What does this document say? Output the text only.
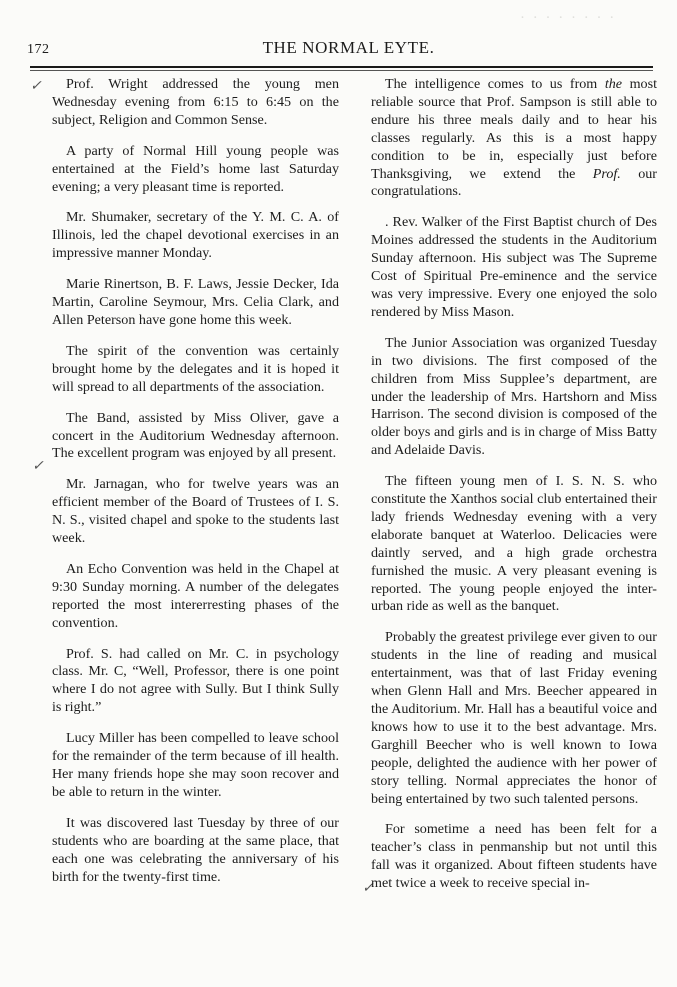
· · · · · · · ·
172	THE NORMAL EYTE.
✓
✓
✓

Prof. Wright addressed the young men Wednesday evening from 6:15 to 6:45 on the subject, Religion and Common Sense.

A party of Normal Hill young people was entertained at the Field’s home last Saturday evening; a very pleasant time is reported.

Mr. Shumaker, secretary of the Y. M. C. A. of Illinois, led the chapel devotional exercises in an impressive manner Monday.

Marie Rinertson, B. F. Laws, Jessie Decker, Ida Martin, Caroline Seymour, Mrs. Celia Clark, and Allen Peterson have gone home this week.

The spirit of the convention was certainly brought home by the delegates and it is hoped it will spread to all departments of the association.

The Band, assisted by Miss Oliver, gave a concert in the Auditorium Wednesday afternoon. The excellent program was enjoyed by all present.

Mr. Jarnagan, who for twelve years was an efficient member of the Board of Trustees of I. S. N. S., visited chapel and spoke to the students last week.

An Echo Convention was held in the Chapel at 9:30 Sunday morning. A number of the delegates reported the most intererresting phases of the convention.

Prof. S. had called on Mr. C. in psychology class. Mr. C, “Well, Professor, there is one point where I do not agree with Sully. But I think Sully is right.”

Lucy Miller has been compelled to leave school for the remainder of the term because of ill health. Her many friends hope she may soon recover and be able to return in the winter.

It was discovered last Tuesday by three of our students who are boarding at the same place, that each one was celebrating the anniversary of his birth for the twenty-first time.

The intelligence comes to us from the most reliable source that Prof. Sampson is still able to endure his three meals daily and to hear his classes regularly. As this is a most happy condition to be in, especially just before Thanksgiving, we extend the Prof. our congratulations.

. Rev. Walker of the First Baptist church of Des Moines addressed the students in the Auditorium Sunday afternoon. His subject was The Supreme Cost of Spiritual Pre-eminence and the service was very impressive. Every one enjoyed the solo rendered by Miss Mason.

The Junior Association was organized Tuesday in two divisions. The first composed of the children from Miss Supplee’s department, are under the leadership of Mrs. Hartshorn and Miss Harrison. The second division is composed of the older boys and girls and is in charge of Miss Batty and Adelaide Davis.

The fifteen young men of I. S. N. S. who constitute the Xanthos social club entertained their lady friends Wednesday evening with a very elaborate banquet at Waterloo. Delicacies were daintly served, and a high grade orchestra furnished the music. A very pleasant evening is reported. The young people enjoyed the inter-urban ride as well as the banquet.

Probably the greatest privilege ever given to our students in the line of reading and musical entertainment, was that of last Friday evening when Glenn Hall and Mrs. Beecher appeared in the Auditorium. Mr. Hall has a beautiful voice and knows how to use it to the best advantage. Mrs. Garghill Beecher who is well known to Iowa people, delighted the audience with her power of story telling. Normal appreciates the honor of being entertained by two such talented persons.

For sometime a need has been felt for a teacher’s class in penmanship but not until this fall was it organized. About fifteen students have met twice a week to receive special in-
